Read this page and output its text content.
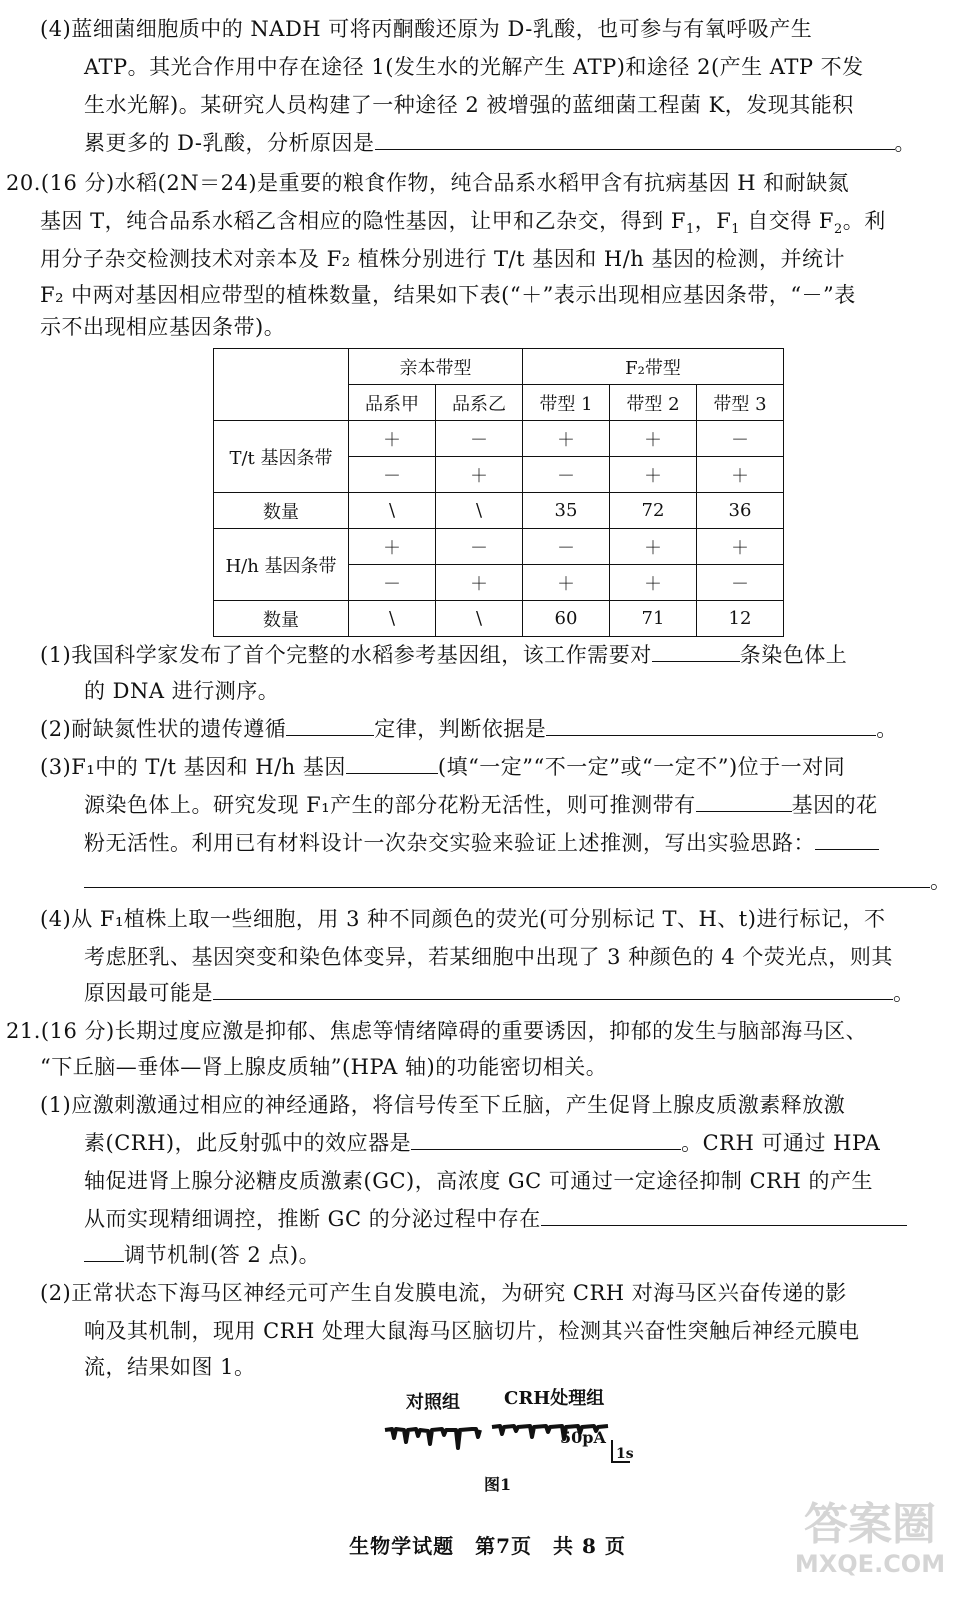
(4)蓝细菌细胞质中的 NADH 可将丙酮酸还原为 D-乳酸，也可参与有氧呼吸产生
ATP。其光合作用中存在途径 1(发生水的光解产生 ATP)和途径 2(产生 ATP 不发
生水光解)。某研究人员构建了一种途径 2 被增强的蓝细菌工程菌 K，发现其能积
累更多的 D-乳酸，分析原因是	。
20.(16 分)水稻(2N＝24)是重要的粮食作物，纯合品系水稻甲含有抗病基因 H 和耐缺氮
基因 T，纯合品系水稻乙含相应的隐性基因，让甲和乙杂交，得到 $F_1$，$F_1$ 自交得 $F_2$。利
用分子杂交检测技术对亲本及 F₂ 植株分别进行 T/t 基因和 H/h 基因的检测，并统计
F₂ 中两对基因相应带型的植株数量，结果如下表(“＋”表示出现相应基因条带，“－”表
示不出现相应基因条带)。
	亲本带型		F₂带型		
	品系甲	品系乙	带型 1	带型 2	带型 3
T/t 基因条带	＋	－	＋	＋	－
	－	＋	－	＋	＋
数量	\	\	35	72	36
H/h 基因条带	＋	－	－	＋	＋
	－	＋	＋	＋	－
数量	\	\	60	71	12
(1)我国科学家发布了首个完整的水稻参考基因组，该工作需要对	条染色体上
的 DNA 进行测序。
(2)耐缺氮性状的遗传遵循	定律，判断依据是	。
(3)F₁中的 T/t 基因和 H/h 基因	(填“一定”“不一定”或“一定不”)位于一对同
源染色体上。研究发现 F₁产生的部分花粉无活性，则可推测带有	基因的花
粉无活性。利用已有材料设计一次杂交实验来验证上述推测，写出实验思路：
。
(4)从 F₁植株上取一些细胞，用 3 种不同颜色的荧光(可分别标记 T、H、t)进行标记，不
考虑胚乳、基因突变和染色体变异，若某细胞中出现了 3 种颜色的 4 个荧光点，则其
原因最可能是	。
21.(16 分)长期过度应激是抑郁、焦虑等情绪障碍的重要诱因，抑郁的发生与脑部海马区、
“下丘脑—垂体—肾上腺皮质轴”(HPA 轴)的功能密切相关。
(1)应激刺激通过相应的神经通路，将信号传至下丘脑，产生促肾上腺皮质激素释放激
素(CRH)，此反射弧中的效应器是	。CRH 可通过 HPA
轴促进肾上腺分泌糖皮质激素(GC)，高浓度 GC 可通过一定途径抑制 CRH 的产生
从而实现精细调控，推断 GC 的分泌过程中存在
调节机制(答 2 点)。
(2)正常状态下海马区神经元可产生自发膜电流，为研究 CRH 对海马区兴奋传递的影
响及其机制，现用 CRH 处理大鼠海马区脑切片，检测其兴奋性突触后神经元膜电
流，结果如图 1。
对照组 CRH处理组
50pA
1s
图1
生物学试题　第7页　共 8 页	答案圈
MXQE.COM
